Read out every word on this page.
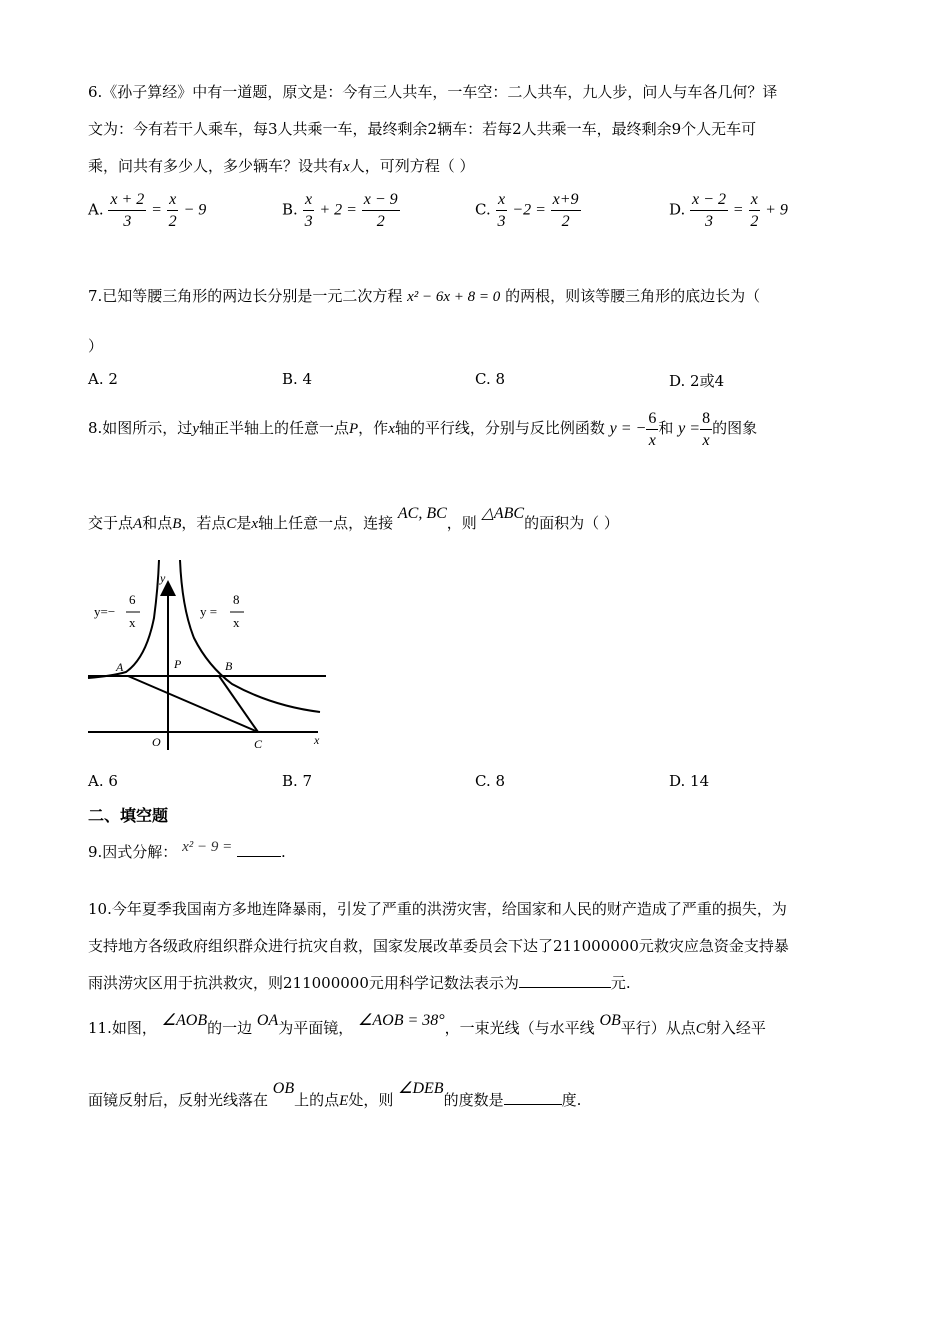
6.《孙子算经》中有一道题，原文是：今有三人共车，一车空：二人共车，九人步，问人与车各几何？译
文为：今有若干人乘车，每3人共乘一车，最终剩余2辆车：若每2人共乘一车，最终剩余9个人无车可
乘，问共有多少人，多少辆车？设共有x人，可列方程（ ）
A. $\frac{x + 2}{3} = \frac{x}{2} - 9$	B. $\frac{x}{3} + 2 = \frac{x - 9}{2}$	C. $\frac{x}{3} -2 = \frac{x+9}{2}$	D. $\frac{x - 2}{3} = \frac{x}{2} + 9$
7.已知等腰三角形的两边长分别是一元二次方程 x² − 6x + 8 = 0 的两根，则该等腰三角形的底边长为（
）
A. 2	B. 4	C. 8	D. 2或4
8.如图所示，过y轴正半轴上的任意一点P，作x轴的平行线，分别与反比例函数 y = − $\frac{6}{x}$ 和 $y = \frac{8}{x}$ 的图象
交于点A和点B，若点C是x轴上任意一点，连接 AC, BC，则 △ABC的面积为（ ）
y=−
6
x
y =
8
x
y
x
O
A	P	B
C
A. 6	B. 7	C. 8	D. 14
二、填空题
9.因式分解： x² − 9 =	.
10.今年夏季我国南方多地连降暴雨，引发了严重的洪涝灾害，给国家和人民的财产造成了严重的损失，为
支持地方各级政府组织群众进行抗灾自救，国家发展改革委员会下达了211000000元救灾应急资金支持暴
雨洪涝灾区用于抗洪救灾，则211000000元用科学记数法表示为	元.
11.如图， ∠AOB的一边 OA为平面镜， ∠AOB = 38°，一束光线（与水平线 OB平行）从点C射入经平
面镜反射后，反射光线落在 OB上的点E处，则 ∠DEB的度数是	度.
